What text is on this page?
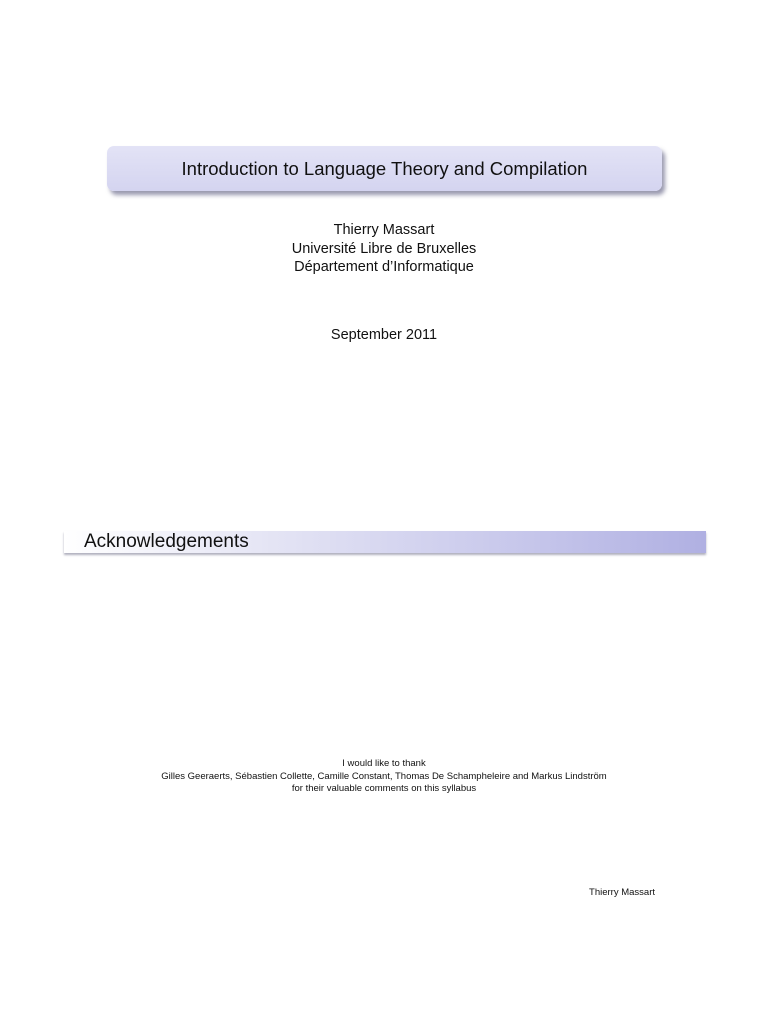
Introduction to Language Theory and Compilation
Thierry Massart
Université Libre de Bruxelles
Département d’Informatique
September 2011
Acknowledgements
I would like to thank
Gilles Geeraerts, Sébastien Collette, Camille Constant, Thomas De Schampheleire and Markus Lindström
for their valuable comments on this syllabus
Thierry Massart
